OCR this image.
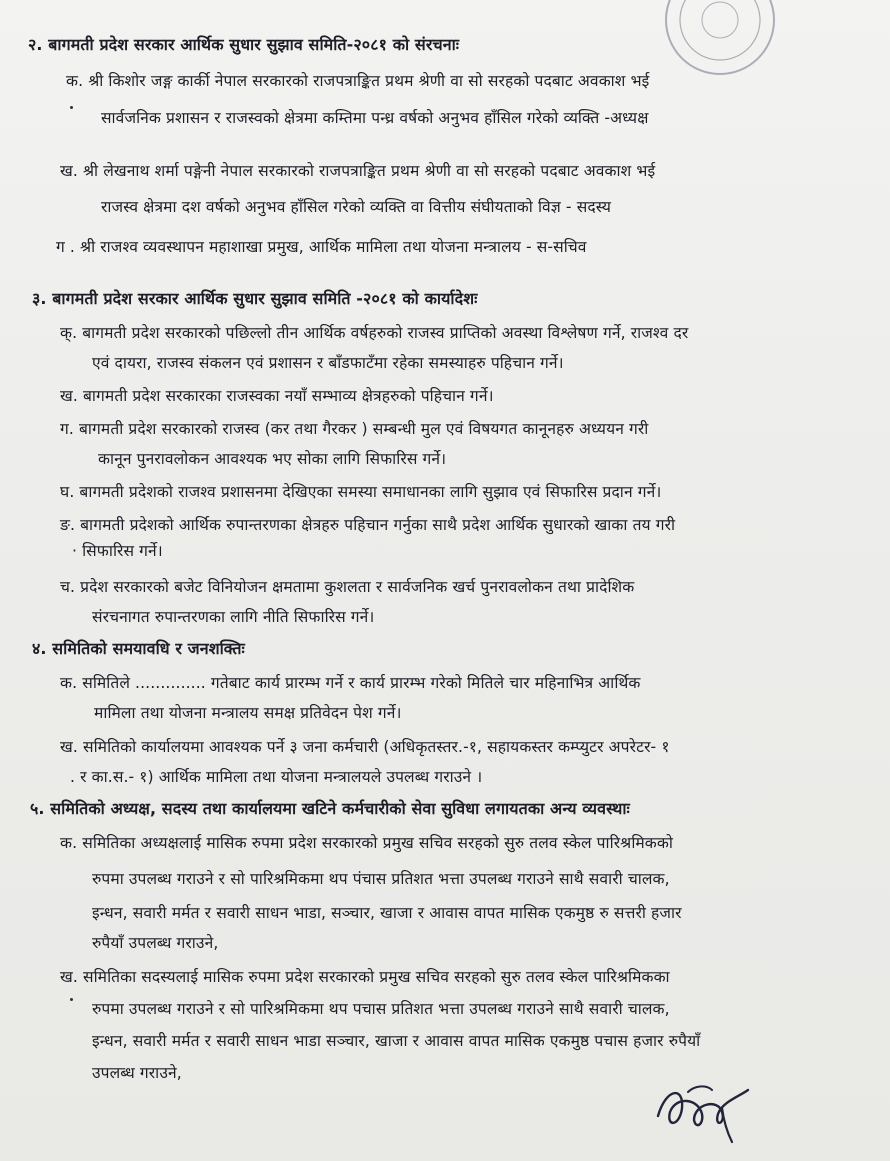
२. बागमती प्रदेश सरकार आर्थिक सुधार सुझाव समिति-२०८१ को संरचनाः
क. श्री किशोर जङ्ग कार्की नेपाल सरकारको राजपत्राङ्कित प्रथम श्रेणी वा सो सरहको पदबाट अवकाश भई
सार्वजनिक प्रशासन र राजस्वको क्षेत्रमा कम्तिमा पन्ध्र वर्षको अनुभव हाँसिल गरेको व्यक्ति -अध्यक्ष
ख. श्री लेखनाथ शर्मा पङ्गेनी नेपाल सरकारको राजपत्राङ्कित प्रथम श्रेणी वा सो सरहको पदबाट अवकाश भई
राजस्व क्षेत्रमा दश वर्षको अनुभव हाँसिल गरेको व्यक्ति वा वित्तीय संघीयताको विज्ञ - सदस्य
ग . श्री राजश्व व्यवस्थापन महाशाखा प्रमुख, आर्थिक मामिला तथा योजना मन्त्रालय - स-सचिव
३. बागमती प्रदेश सरकार आर्थिक सुधार सुझाव समिति -२०८१ को कार्यादेशः
क्. बागमती प्रदेश सरकारको पछिल्लो तीन आर्थिक वर्षहरुको राजस्व प्राप्तिको अवस्था विश्लेषण गर्ने, राजश्व दर
एवं दायरा, राजस्व संकलन एवं प्रशासन र बाँडफाटँमा रहेका समस्याहरु पहिचान गर्ने।
ख. बागमती प्रदेश सरकारका राजस्वका नयाँ सम्भाव्य क्षेत्रहरुको पहिचान गर्ने।
ग. बागमती प्रदेश सरकारको राजस्व (कर तथा गैरकर ) सम्बन्धी मुल एवं विषयगत कानूनहरु अध्ययन गरी
कानून पुनरावलोकन आवश्यक भए सोका लागि सिफारिस गर्ने।
घ. बागमती प्रदेशको राजश्व प्रशासनमा देखिएका समस्या समाधानका लागि सुझाव एवं सिफारिस प्रदान गर्ने।
ङ. बागमती प्रदेशको आर्थिक रुपान्तरणका क्षेत्रहरु पहिचान गर्नुका साथै प्रदेश आर्थिक सुधारको खाका तय गरी
· सिफारिस गर्ने।
च. प्रदेश सरकारको बजेट विनियोजन क्षमतामा कुशलता र सार्वजनिक खर्च पुनरावलोकन तथा प्रादेशिक
संरचनागत रुपान्तरणका लागि नीति सिफारिस गर्ने।
४. समितिको समयावधि र जनशक्तिः
क. समितिले .............. गतेबाट कार्य प्रारम्भ गर्ने र कार्य प्रारम्भ गरेको मितिले चार महिनाभित्र आर्थिक
मामिला तथा योजना मन्त्रालय समक्ष प्रतिवेदन पेश गर्ने।
ख. समितिको कार्यालयमा आवश्यक पर्ने ३ जना कर्मचारी (अधिकृतस्तर.-१, सहायकस्तर कम्प्युटर अपरेटर- १
. र का.स.- १) आर्थिक मामिला तथा योजना मन्त्रालयले उपलब्ध गराउने ।
५. समितिको अध्यक्ष, सदस्य तथा कार्यालयमा खटिने कर्मचारीको सेवा सुविधा लगायतका अन्य व्यवस्थाः
क. समितिका अध्यक्षलाई मासिक रुपमा प्रदेश सरकारको प्रमुख सचिव सरहको सुरु तलव स्केल पारिश्रमिकको
रुपमा उपलब्ध गराउने र सो पारिश्रमिकमा थप पंचास प्रतिशत भत्ता उपलब्ध गराउने साथै सवारी चालक,
इन्धन, सवारी मर्मत र सवारी साधन भाडा, सञ्चार, खाजा र आवास वापत मासिक एकमुष्ठ रु सत्तरी हजार
रुपैयाँ उपलब्ध गराउने,
ख. समितिका सदस्यलाई मासिक रुपमा प्रदेश सरकारको प्रमुख सचिव सरहको सुरु तलव स्केल पारिश्रमिकका
रुपमा उपलब्ध गराउने र सो पारिश्रमिकमा थप पचास प्रतिशत भत्ता उपलब्ध गराउने साथै सवारी चालक,
इन्धन, सवारी मर्मत र सवारी साधन भाडा सञ्चार, खाजा र आवास वापत मासिक एकमुष्ठ पचास हजार रुपैयाँ
उपलब्ध गराउने,
